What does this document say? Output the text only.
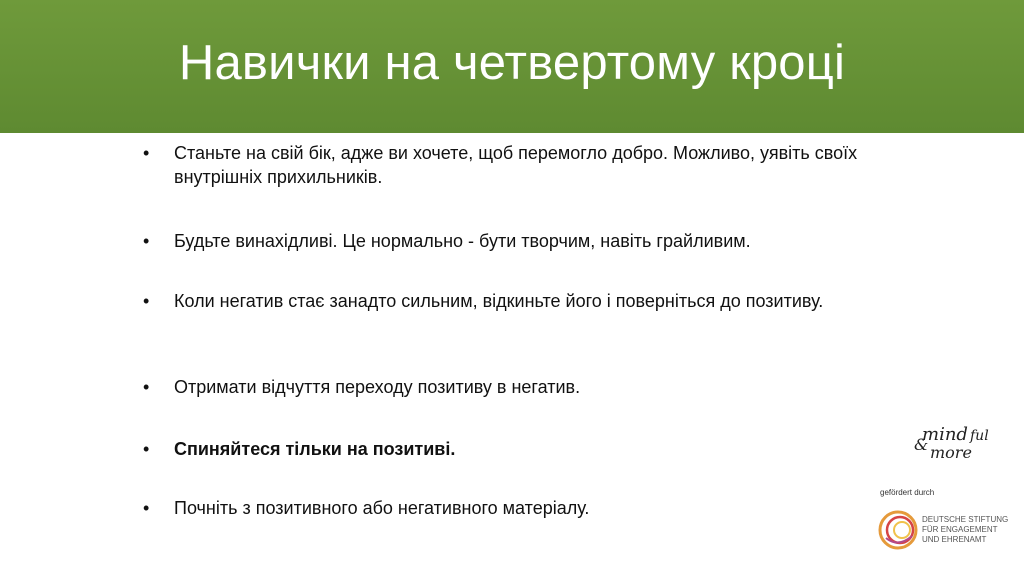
Навички на четвертому кроці
•	Станьте на свій бік, адже ви хочете, щоб перемогло добро. Можливо, уявіть своїх внутрішніх прихильників.
•	Будьте винахідливі. Це нормально - бути творчим, навіть грайливим.
•	Коли негатив стає занадто сильним, відкиньте його і поверніться до позитиву.
•	Отримати відчуття переходу позитиву в негатив.
•	Спиняйтеся тільки на позитиві.
•	Почніть з позитивного або негативного матеріалу.
mind ful
more
&
gefördert durch
DEUTSCHE STIFTUNG
FÜR ENGAGEMENT
UND EHRENAMT
